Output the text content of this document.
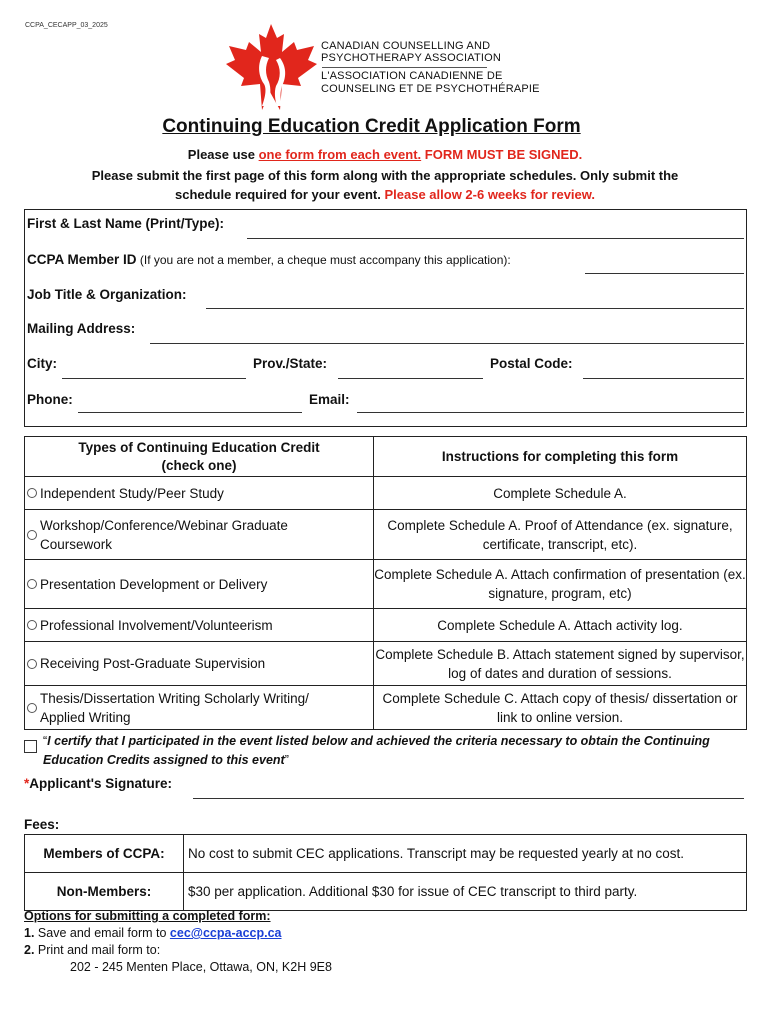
CCPA_CECAPP_03_2025
CANADIAN COUNSELLING AND
PSYCHOTHERAPY ASSOCIATION
L'ASSOCIATION CANADIENNE DE
COUNSELING ET DE PSYCHOTHÉRAPIE
Continuing Education Credit Application Form
Please use one form from each event. FORM MUST BE SIGNED.
Please submit the first page of this form along with the appropriate schedules. Only submit the
schedule required for your event. Please allow 2-6 weeks for review.
First & Last Name (Print/Type):
CCPA Member ID (If you are not a member, a cheque must accompany this application):
Job Title & Organization:
Mailing Address:
City:	Prov./State:	Postal Code:
Phone:	Email:
Types of Continuing Education Credit
(check one)	Instructions for completing this form

Independent Study/Peer Study	Complete Schedule A.

Workshop/Conference/Webinar Graduate Coursework	Complete Schedule A. Proof of Attendance (ex. signature, certificate, transcript, etc).

Presentation Development or Delivery	Complete Schedule A. Attach confirmation of presentation (ex. signature, program, etc)

Professional Involvement/Volunteerism	Complete Schedule A. Attach activity log.

Receiving Post-Graduate Supervision	Complete Schedule B. Attach statement signed by supervisor, log of dates and duration of sessions.

Thesis/Dissertation Writing Scholarly Writing/ Applied Writing	Complete Schedule C. Attach copy of thesis/ dissertation or link to online version.
“I certify that I participated in the event listed below and achieved the criteria necessary to obtain the Continuing Education Credits assigned to this event”
*Applicant's Signature:
Fees:
Members of CCPA:	No cost to submit CEC applications. Transcript may be requested yearly at no cost.
Non-Members:	$30 per application. Additional $30 for issue of CEC transcript to third party.
Options for submitting a completed form:
1. Save and email form to cec@ccpa-accp.ca
2. Print and mail form to:
202 - 245 Menten Place, Ottawa, ON, K2H 9E8
